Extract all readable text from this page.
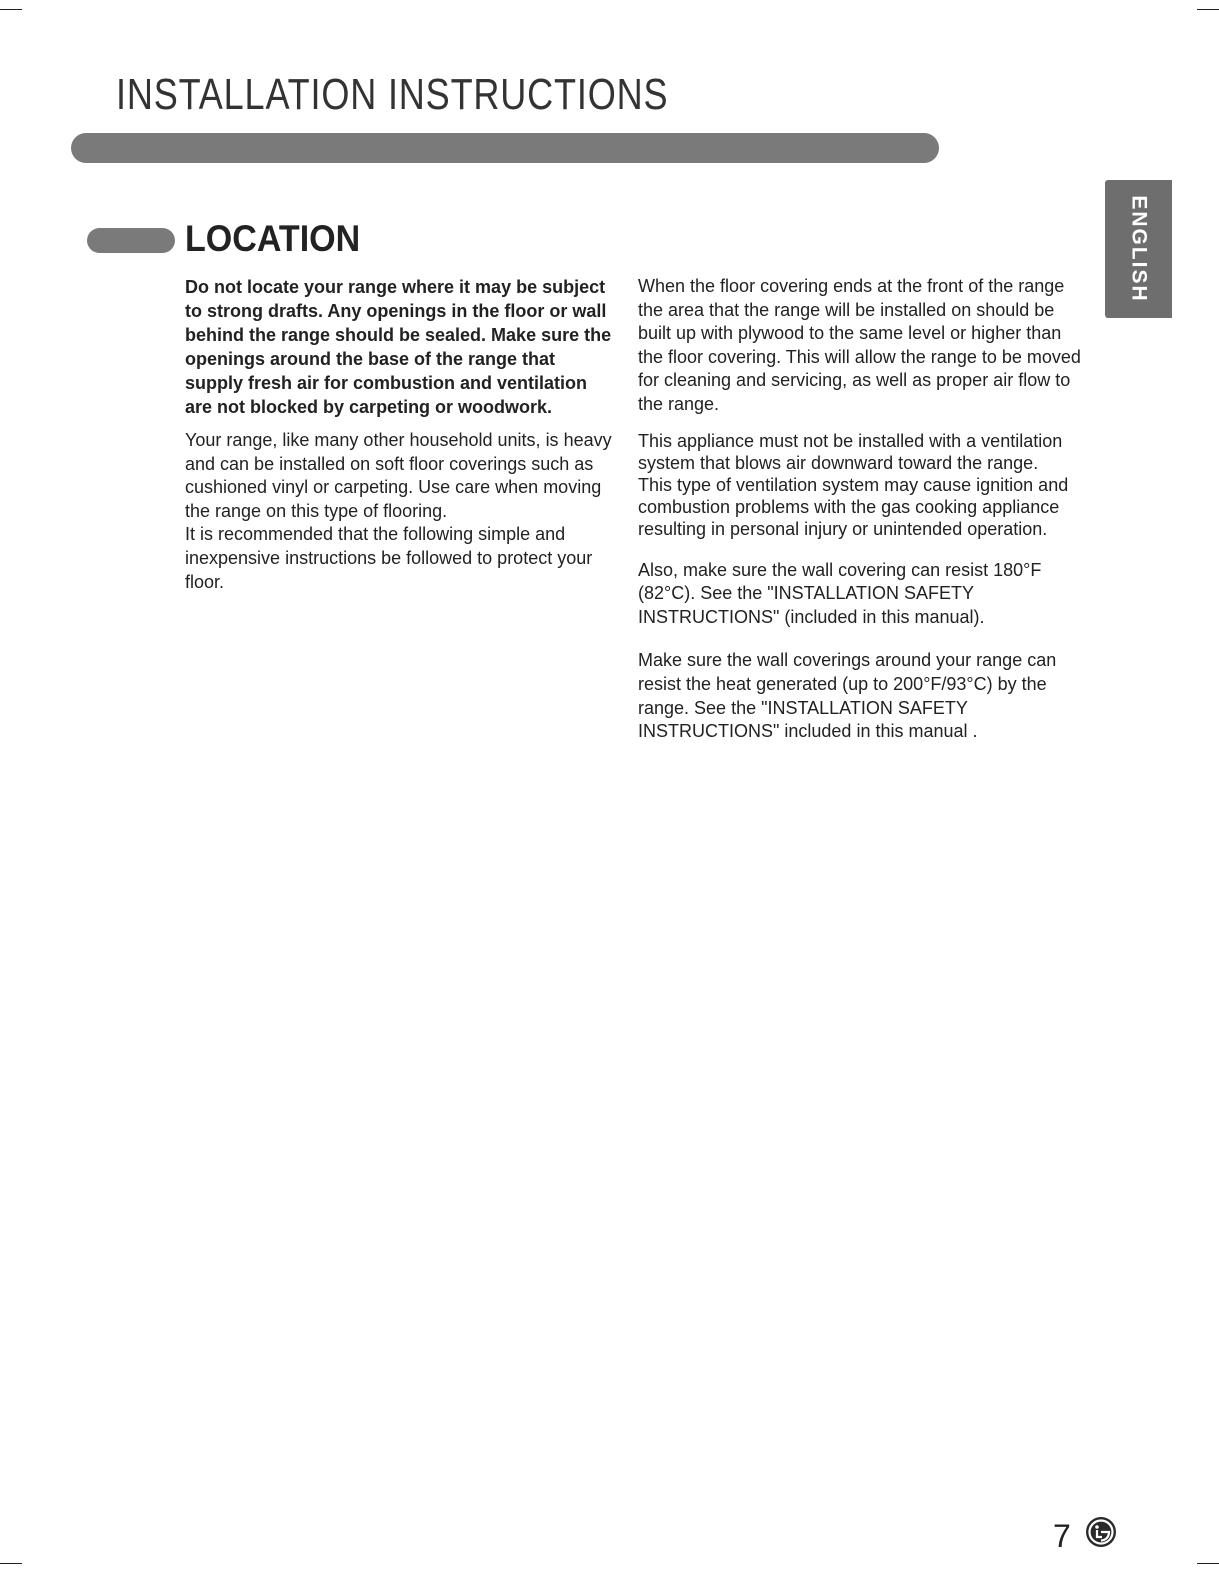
INSTALLATION INSTRUCTIONS
ENGLISH
LOCATION

Do not locate your range where it may be subject
to strong drafts. Any openings in the floor or wall
behind the range should be sealed. Make sure the
openings around the base of the range that
supply fresh air for combustion and ventilation
are not blocked by carpeting or woodwork.

Your range, like many other household units, is heavy
and can be installed on soft floor coverings such as
cushioned vinyl or carpeting. Use care when moving
the range on this type of flooring.
It is recommended that the following simple and
inexpensive instructions be followed to protect your
floor.

When the floor covering ends at the front of the range
the area that the range will be installed on should be
built up with plywood to the same level or higher than
the floor covering. This will allow the range to be moved
for cleaning and servicing, as well as proper air flow to
the range.

This appliance must not be installed with a ventilation
system that blows air downward toward the range.
This type of ventilation system may cause ignition and
combustion problems with the gas cooking appliance
resulting in personal injury or unintended operation.

Also, make sure the wall covering can resist 180°F
(82°C). See the "INSTALLATION SAFETY
INSTRUCTIONS" (included in this manual).

Make sure the wall coverings around your range can
resist the heat generated (up to 200°F/93°C) by the
range. See the "INSTALLATION SAFETY
INSTRUCTIONS" included in this manual .

7
